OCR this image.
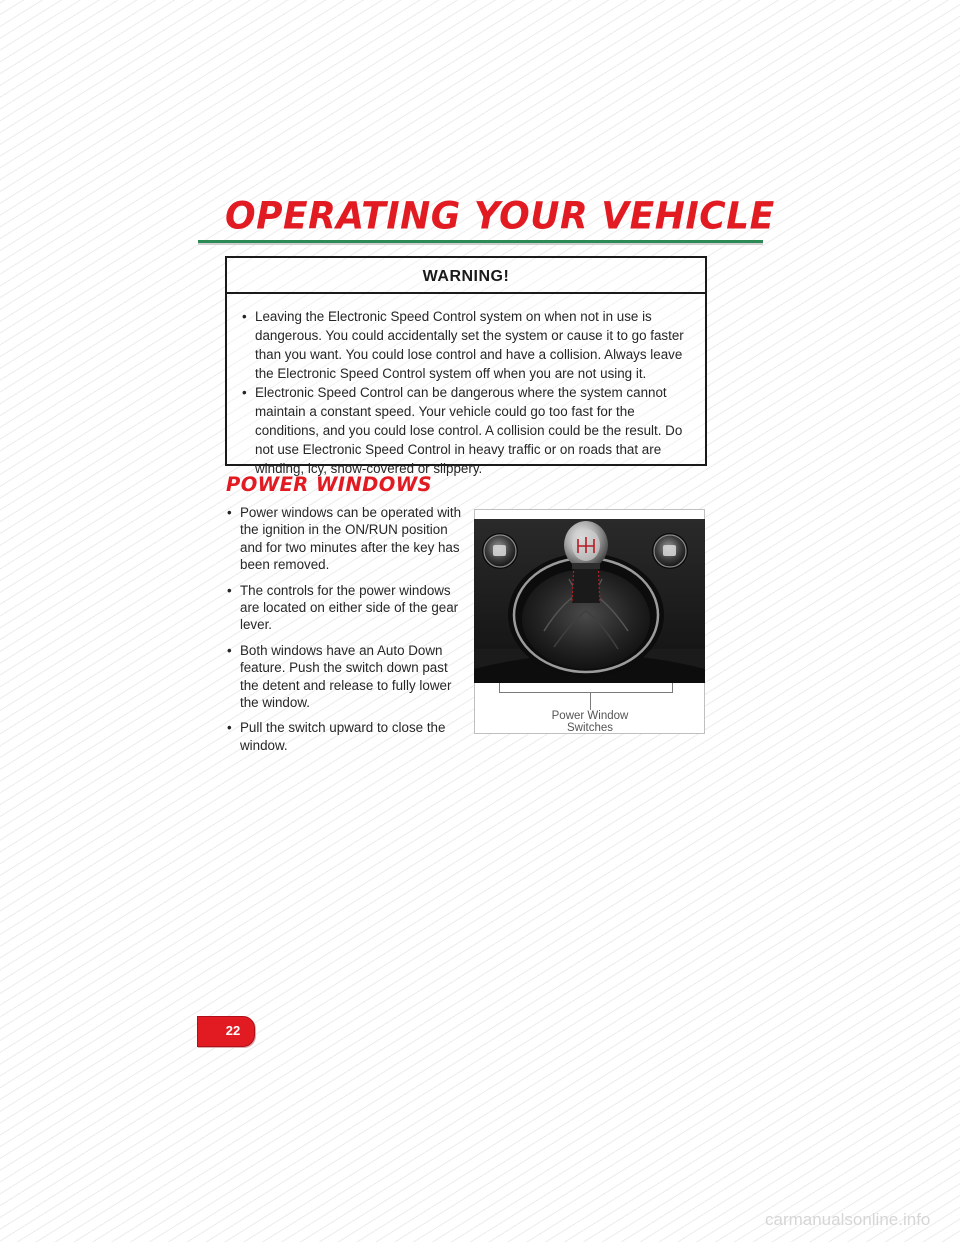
OPERATING YOUR VEHICLE
WARNING!
• Leaving the Electronic Speed Control system on when not in use is dangerous. You could accidentally set the system or cause it to go faster than you want. You could lose control and have a collision. Always leave the Electronic Speed Control system off when you are not using it.
• Electronic Speed Control can be dangerous where the system cannot maintain a constant speed. Your vehicle could go too fast for the conditions, and you could lose control. A collision could be the result. Do not use Electronic Speed Control in heavy traffic or on roads that are winding, icy, snow-covered or slippery.
POWER WINDOWS
• Power windows can be operated with the ignition in the ON/RUN position and for two minutes after the key has been removed.
• The controls for the power windows are located on either side of the gear lever.
• Both windows have an Auto Down feature. Push the switch down past the detent and release to fully lower the window.
• Pull the switch upward to close the window.

Power Window
Switches

22
carmanualsonline.info
